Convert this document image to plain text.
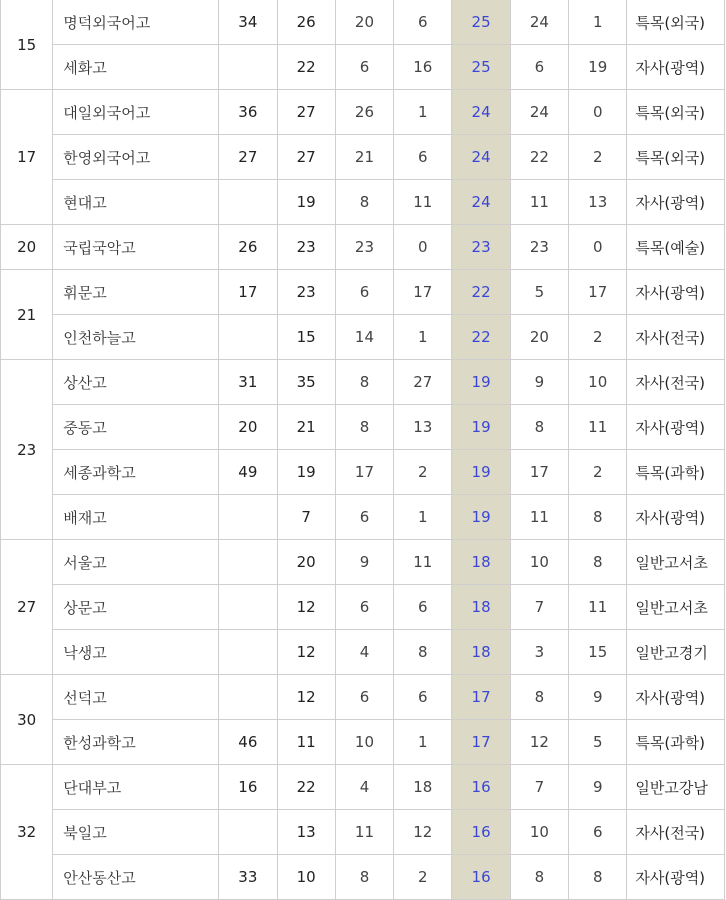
15	명덕외국어고	34	26	20	6	25	24	1	특목(외국)
	세화고		22	6	16	25	6	19	자사(광역)
17	대일외국어고	36	27	26	1	24	24	0	특목(외국)
	한영외국어고	27	27	21	6	24	22	2	특목(외국)
	현대고		19	8	11	24	11	13	자사(광역)
20	국립국악고	26	23	23	0	23	23	0	특목(예술)
21	휘문고	17	23	6	17	22	5	17	자사(광역)
	인천하늘고		15	14	1	22	20	2	자사(전국)
23	상산고	31	35	8	27	19	9	10	자사(전국)
	중동고	20	21	8	13	19	8	11	자사(광역)
	세종과학고	49	19	17	2	19	17	2	특목(과학)
	배재고		7	6	1	19	11	8	자사(광역)
27	서울고		20	9	11	18	10	8	일반고서초
	상문고		12	6	6	18	7	11	일반고서초
	낙생고		12	4	8	18	3	15	일반고경기
30	선덕고		12	6	6	17	8	9	자사(광역)
	한성과학고	46	11	10	1	17	12	5	특목(과학)
32	단대부고	16	22	4	18	16	7	9	일반고강남
	북일고		13	11	12	16	10	6	자사(전국)
	안산동산고	33	10	8	2	16	8	8	자사(광역)
